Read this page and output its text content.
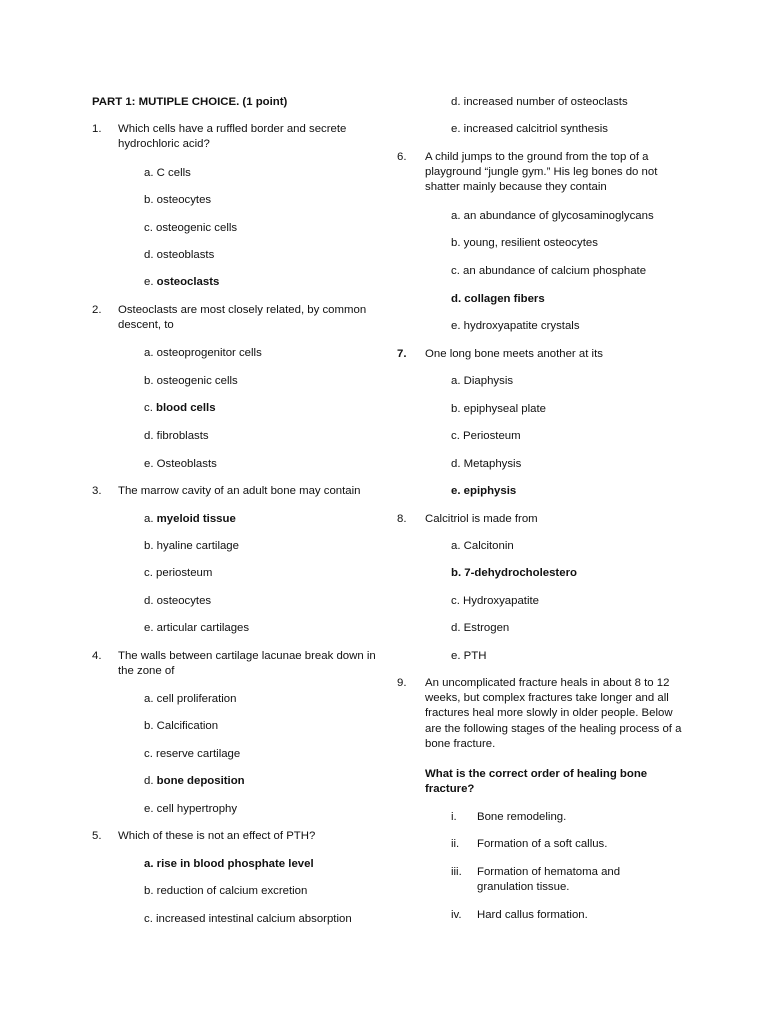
PART 1: MUTIPLE CHOICE. (1 point)
1. Which cells have a ruffled border and secrete hydrochloric acid?
a. C cells
b. osteocytes
c. osteogenic cells
d. osteoblasts
e. osteoclasts
2. Osteoclasts are most closely related, by common descent, to
a. osteoprogenitor cells
b. osteogenic cells
c. blood cells
d. fibroblasts
e. Osteoblasts
3. The marrow cavity of an adult bone may contain
a. myeloid tissue
b. hyaline cartilage
c. periosteum
d. osteocytes
e. articular cartilages
4. The walls between cartilage lacunae break down in the zone of
a. cell proliferation
b. Calcification
c. reserve cartilage
d. bone deposition
e. cell hypertrophy
5. Which of these is not an effect of PTH?
a. rise in blood phosphate level
b. reduction of calcium excretion
c. increased intestinal calcium absorption
d. increased number of osteoclasts
e. increased calcitriol synthesis
6. A child jumps to the ground from the top of a playground “jungle gym.” His leg bones do not shatter mainly because they contain
a. an abundance of glycosaminoglycans
b. young, resilient osteocytes
c. an abundance of calcium phosphate
d. collagen fibers
e. hydroxyapatite crystals
7. One long bone meets another at its
a. Diaphysis
b. epiphyseal plate
c. Periosteum
d. Metaphysis
e. epiphysis
8. Calcitriol is made from
a. Calcitonin
b. 7-dehydrocholestero
c. Hydroxyapatite
d. Estrogen
e. PTH
9. An uncomplicated fracture heals in about 8 to 12 weeks, but complex fractures take longer and all fractures heal more slowly in older people. Below are the following stages of the healing process of a bone fracture.
What is the correct order of healing bone fracture?
i. Bone remodeling.
ii. Formation of a soft callus.
iii. Formation of hematoma and granulation tissue.
iv. Hard callus formation.
